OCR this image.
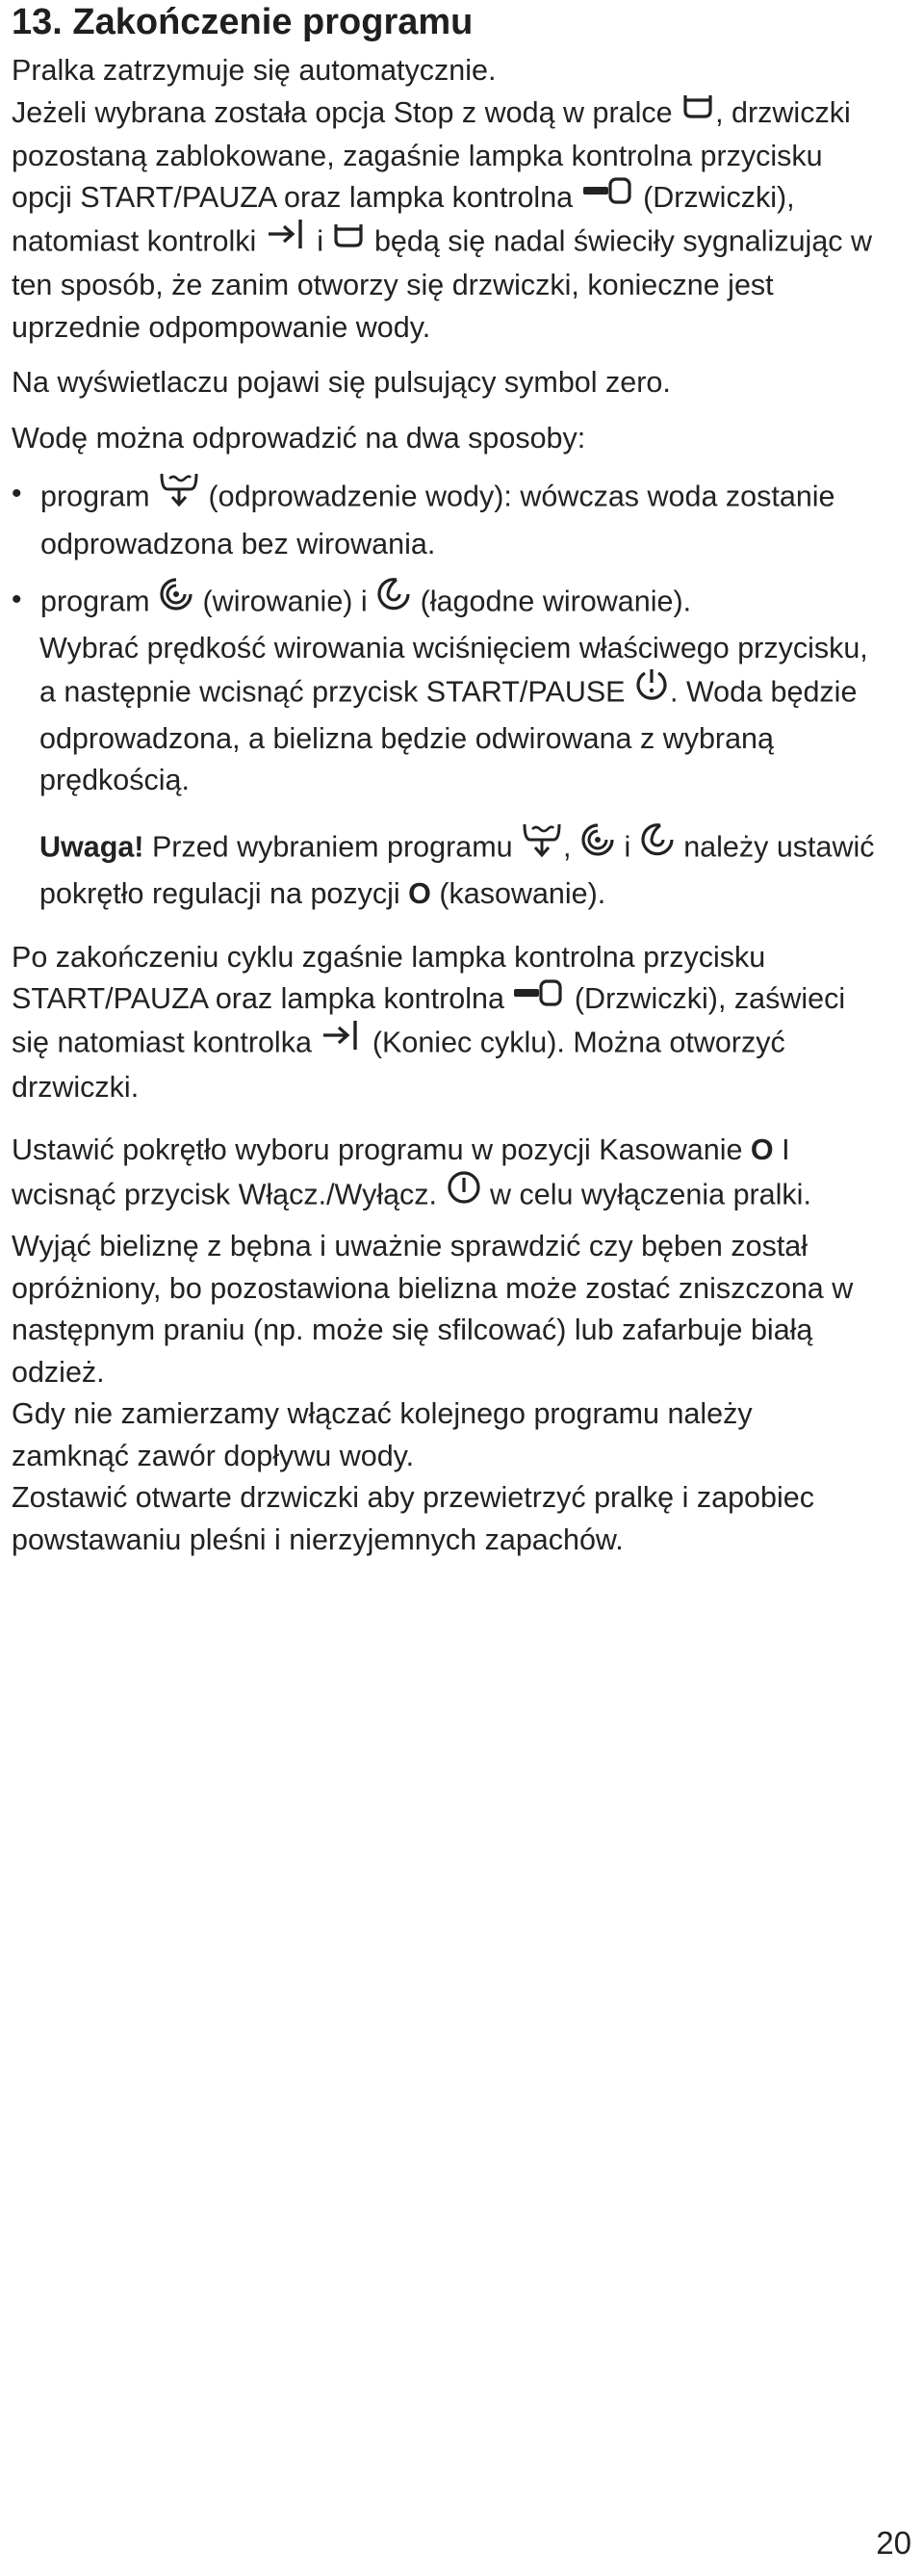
13. Zakończenie programu

Pralka zatrzymuje się automatycznie.

Jeżeli wybrana została opcja Stop z wodą w pralce , drzwiczki pozostaną zablokowane, zagaśnie lampka kontrolna przycisku opcji START/PAUZA oraz lampka kontrolna  (Drzwiczki), natomiast kontrolki  i  będą się nadal świeciły sygnalizując w ten sposób, że zanim otworzy się drzwiczki, konieczne jest uprzednie odpompowanie wody.

Na wyświetlaczu pojawi się pulsujący symbol zero.

Wodę można odprowadzić na dwa sposoby:

• program  (odprowadzenie wody): wówczas woda zostanie odprowadzona bez wirowania.

• program  (wirowanie) i  (łagodne wirowanie).

Wybrać prędkość wirowania wciśnięciem właściwego przycisku, a następnie wcisnąć przycisk START/PAUSE . Woda będzie odprowadzona, a bielizna będzie odwirowana z wybraną prędkością.

Uwaga! Przed wybraniem programu ,  i  należy ustawić pokrętło regulacji na pozycji O (kasowanie).

Po zakończeniu cyklu zgaśnie lampka kontrolna przycisku START/PAUZA oraz lampka kontrolna  (Drzwiczki), zaświeci się natomiast kontrolka  (Koniec cyklu). Można otworzyć drzwiczki.

Ustawić pokrętło wyboru programu w pozycji Kasowanie O I wcisnąć przycisk Włącz./Wyłącz.  w celu wyłączenia pralki.

Wyjąć bieliznę z bębna i uważnie sprawdzić czy bęben został opróżniony, bo pozostawiona bielizna może zostać zniszczona w następnym praniu (np. może się sfilcować) lub zafarbuje białą odzież.

Gdy nie zamierzamy włączać kolejnego programu należy zamknąć zawór dopływu wody.

Zostawić otwarte drzwiczki aby przewietrzyć pralkę i zapobiec powstawaniu pleśni i nierzyjemnych zapachów.

20
